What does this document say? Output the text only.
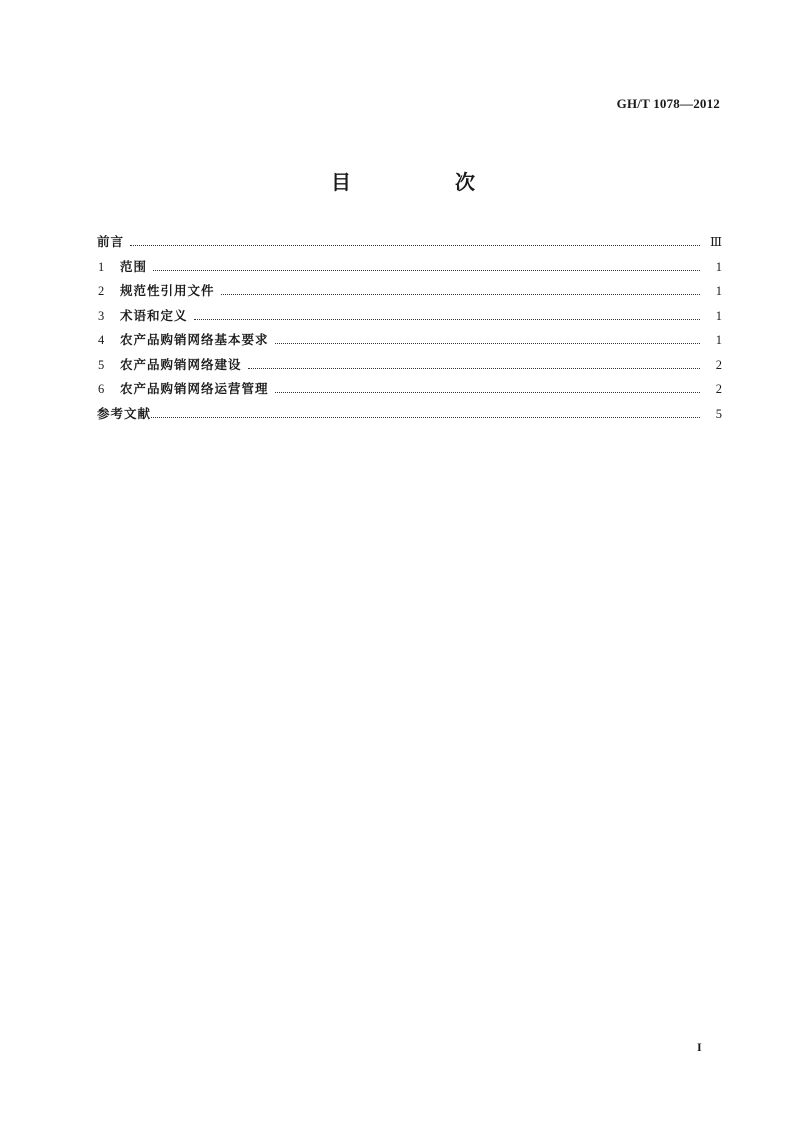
GH/T 1078—2012
目　次
前言	Ⅲ
1	范围	1
2	规范性引用文件	1
3	术语和定义	1
4	农产品购销网络基本要求	1
5	农产品购销网络建设	2
6	农产品购销网络运营管理	2
参考文献	5
I
